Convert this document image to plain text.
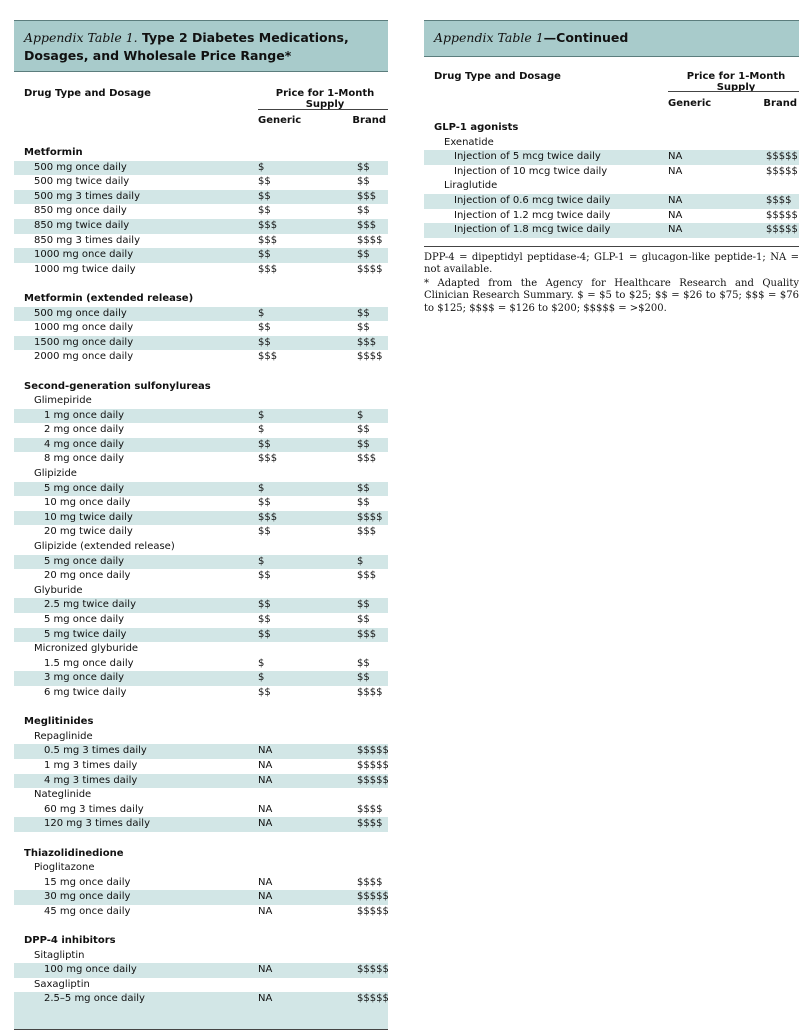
Appendix Table 1. Type 2 Diabetes Medications, Dosages, and Wholesale Price Range*
Drug Type and Dosage	Price for 1-Month Supply
Generic	Brand
Metformin
500 mg once daily	$	$$
500 mg twice daily	$$	$$
500 mg 3 times daily	$$	$$$
850 mg once daily	$$	$$
850 mg twice daily	$$$	$$$
850 mg 3 times daily	$$$	$$$$
1000 mg once daily	$$	$$
1000 mg twice daily	$$$	$$$$
Metformin (extended release)
500 mg once daily	$	$$
1000 mg once daily	$$	$$
1500 mg once daily	$$	$$$
2000 mg once daily	$$$	$$$$
Second-generation sulfonylureas
Glimepiride
1 mg once daily	$	$
2 mg once daily	$	$$
4 mg once daily	$$	$$
8 mg once daily	$$$	$$$
Glipizide
5 mg once daily	$	$$
10 mg once daily	$$	$$
10 mg twice daily	$$$	$$$$
20 mg twice daily	$$	$$$
Glipizide (extended release)
5 mg once daily	$	$
20 mg once daily	$$	$$$
Glyburide
2.5 mg twice daily	$$	$$
5 mg once daily	$$	$$
5 mg twice daily	$$	$$$
Micronized glyburide
1.5 mg once daily	$	$$
3 mg once daily	$	$$
6 mg twice daily	$$	$$$$
Meglitinides
Repaglinide
0.5 mg 3 times daily	NA	$$$$$
1 mg 3 times daily	NA	$$$$$
4 mg 3 times daily	NA	$$$$$
Nateglinide
60 mg 3 times daily	NA	$$$$
120 mg 3 times daily	NA	$$$$
Thiazolidinedione
Pioglitazone
15 mg once daily	NA	$$$$
30 mg once daily	NA	$$$$$
45 mg once daily	NA	$$$$$
DPP-4 inhibitors
Sitagliptin
100 mg once daily	NA	$$$$$
Saxagliptin
2.5–5 mg once daily	NA	$$$$$
Appendix Table 1—Continued
Drug Type and Dosage	Price for 1-Month Supply
Generic	Brand
GLP-1 agonists
Exenatide
Injection of 5 mcg twice daily	NA	$$$$$
Injection of 10 mcg twice daily	NA	$$$$$
Liraglutide
Injection of 0.6 mcg twice daily	NA	$$$$
Injection of 1.2 mcg twice daily	NA	$$$$$
Injection of 1.8 mcg twice daily	NA	$$$$$

DPP-4 = dipeptidyl peptidase-4; GLP-1 = glucagon-like peptide-1; NA = not available.

* Adapted from the Agency for Healthcare Research and Quality Clinician Research Summary. $ = $5 to $25; $$ = $26 to $75; $$$ = $76 to $125; $$$$ = $126 to $200; $$$$$ = >$200.
